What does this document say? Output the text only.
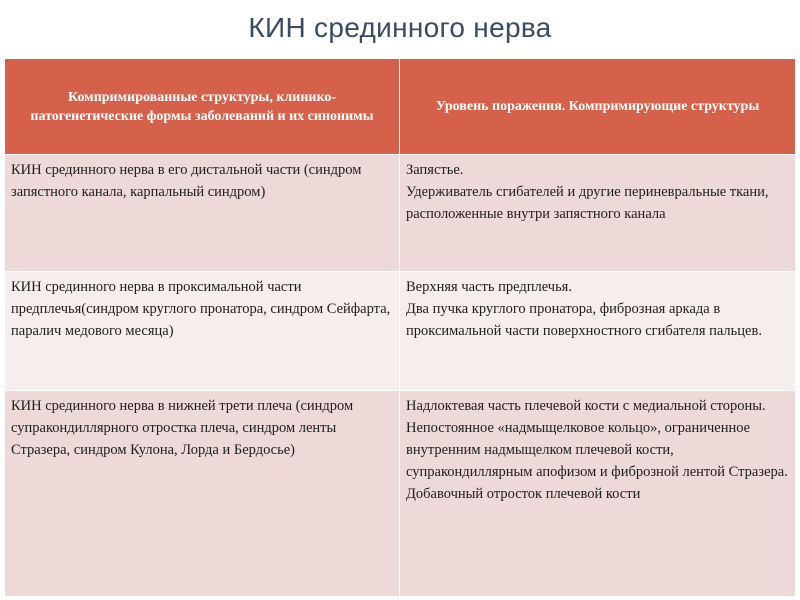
КИН срединного нерва
Компримированные структуры, клинико-патогенетические формы заболеваний и их синонимы	Уровень поражения. Компримирующие структуры
КИН срединного нерва в его дистальной части (синдром запястного канала, карпальный синдром)	Запястье.
Удерживатель сгибателей и другие периневральные ткани, расположенные внутри запястного канала

КИН срединного нерва в проксимальной части предплечья(синдром круглого пронатора, синдром Сейфарта, паралич медового месяца)	Верхняя часть предплечья.
Два пучка круглого пронатора, фиброзная аркада в проксимальной части поверхностного сгибателя пальцев.

КИН срединного нерва в нижней трети плеча (синдром супракондиллярного отростка плеча, синдром ленты Стразера, синдром Кулона, Лорда и Бердосье)	Надлоктевая часть плечевой кости с медиальной стороны. Непостоянное «надмыщелковое кольцо», ограниченное внутренним надмыщелком плечевой кости, супракондиллярным апофизом и фиброзной лентой Стразера. Добавочный отросток плечевой кости
